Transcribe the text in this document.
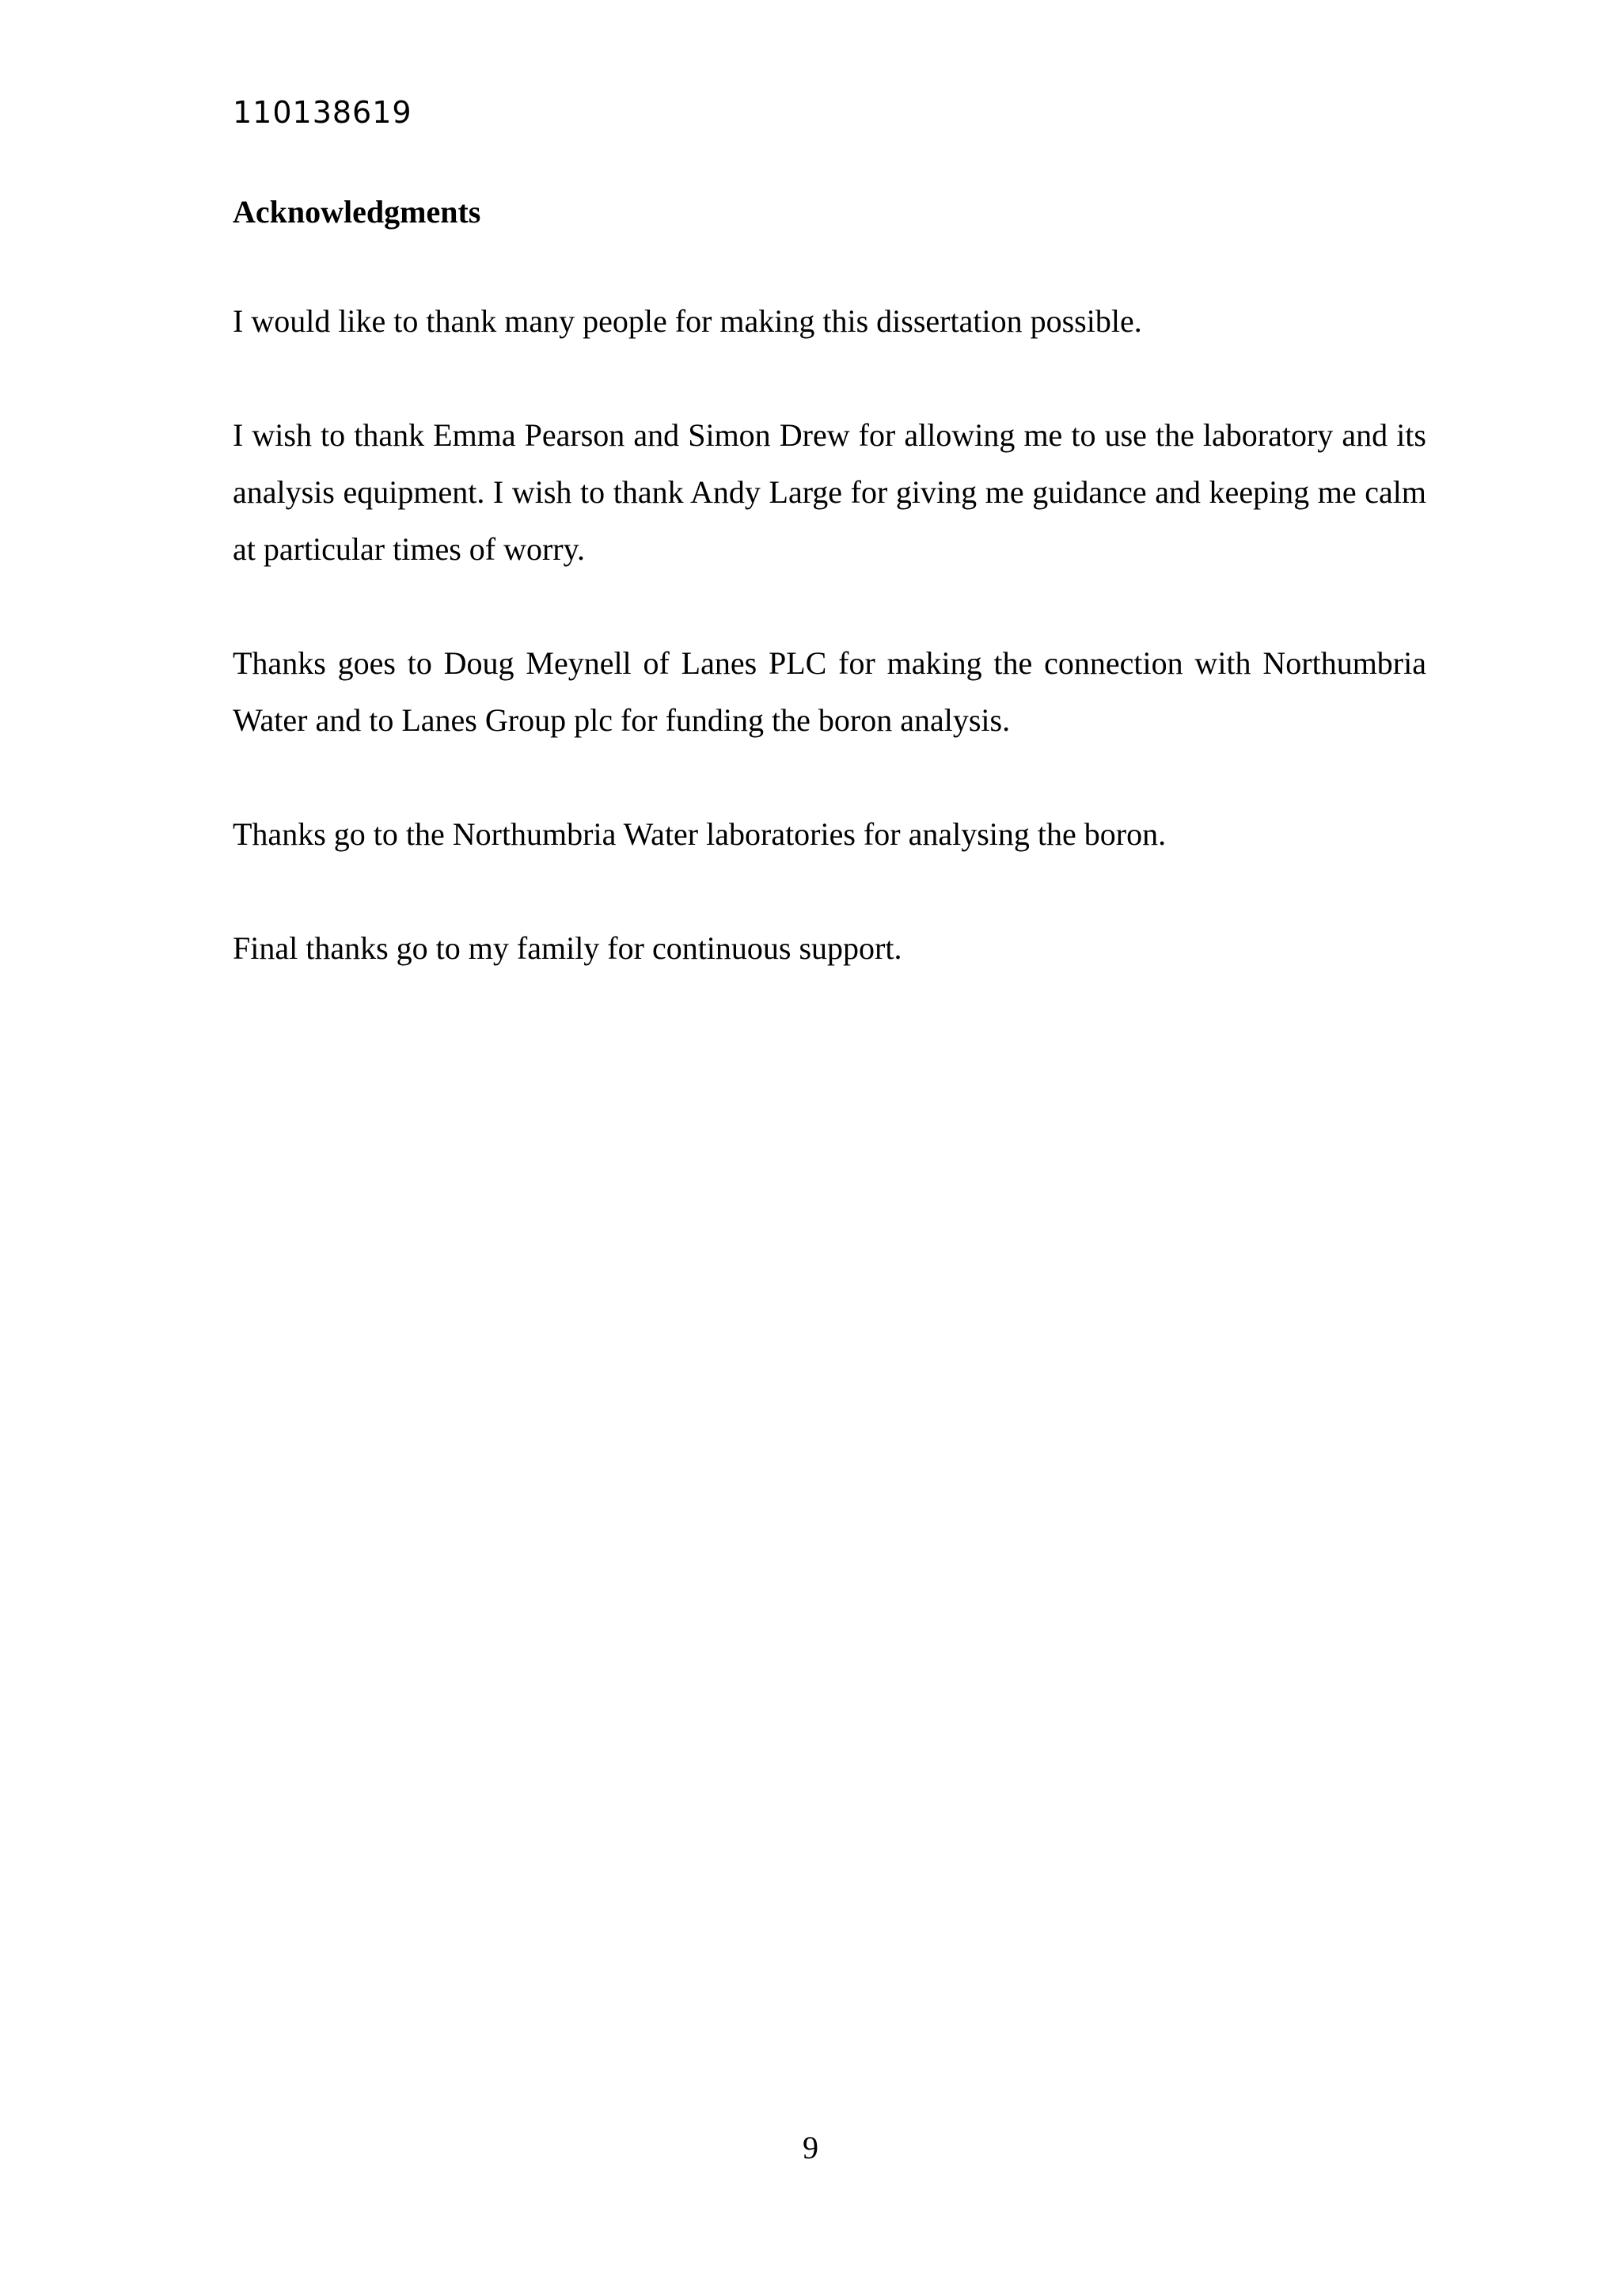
110138619
Acknowledgments

I would like to thank many people for making this dissertation possible.

I wish to thank Emma Pearson and Simon Drew for allowing me to use the laboratory and its analysis equipment. I wish to thank Andy Large for giving me guidance and keeping me calm at particular times of worry.

Thanks goes to Doug Meynell of Lanes PLC for making the connection with Northumbria Water and to Lanes Group plc for funding the boron analysis.

Thanks go to the Northumbria Water laboratories for analysing the boron.

Final thanks go to my family for continuous support.

9
